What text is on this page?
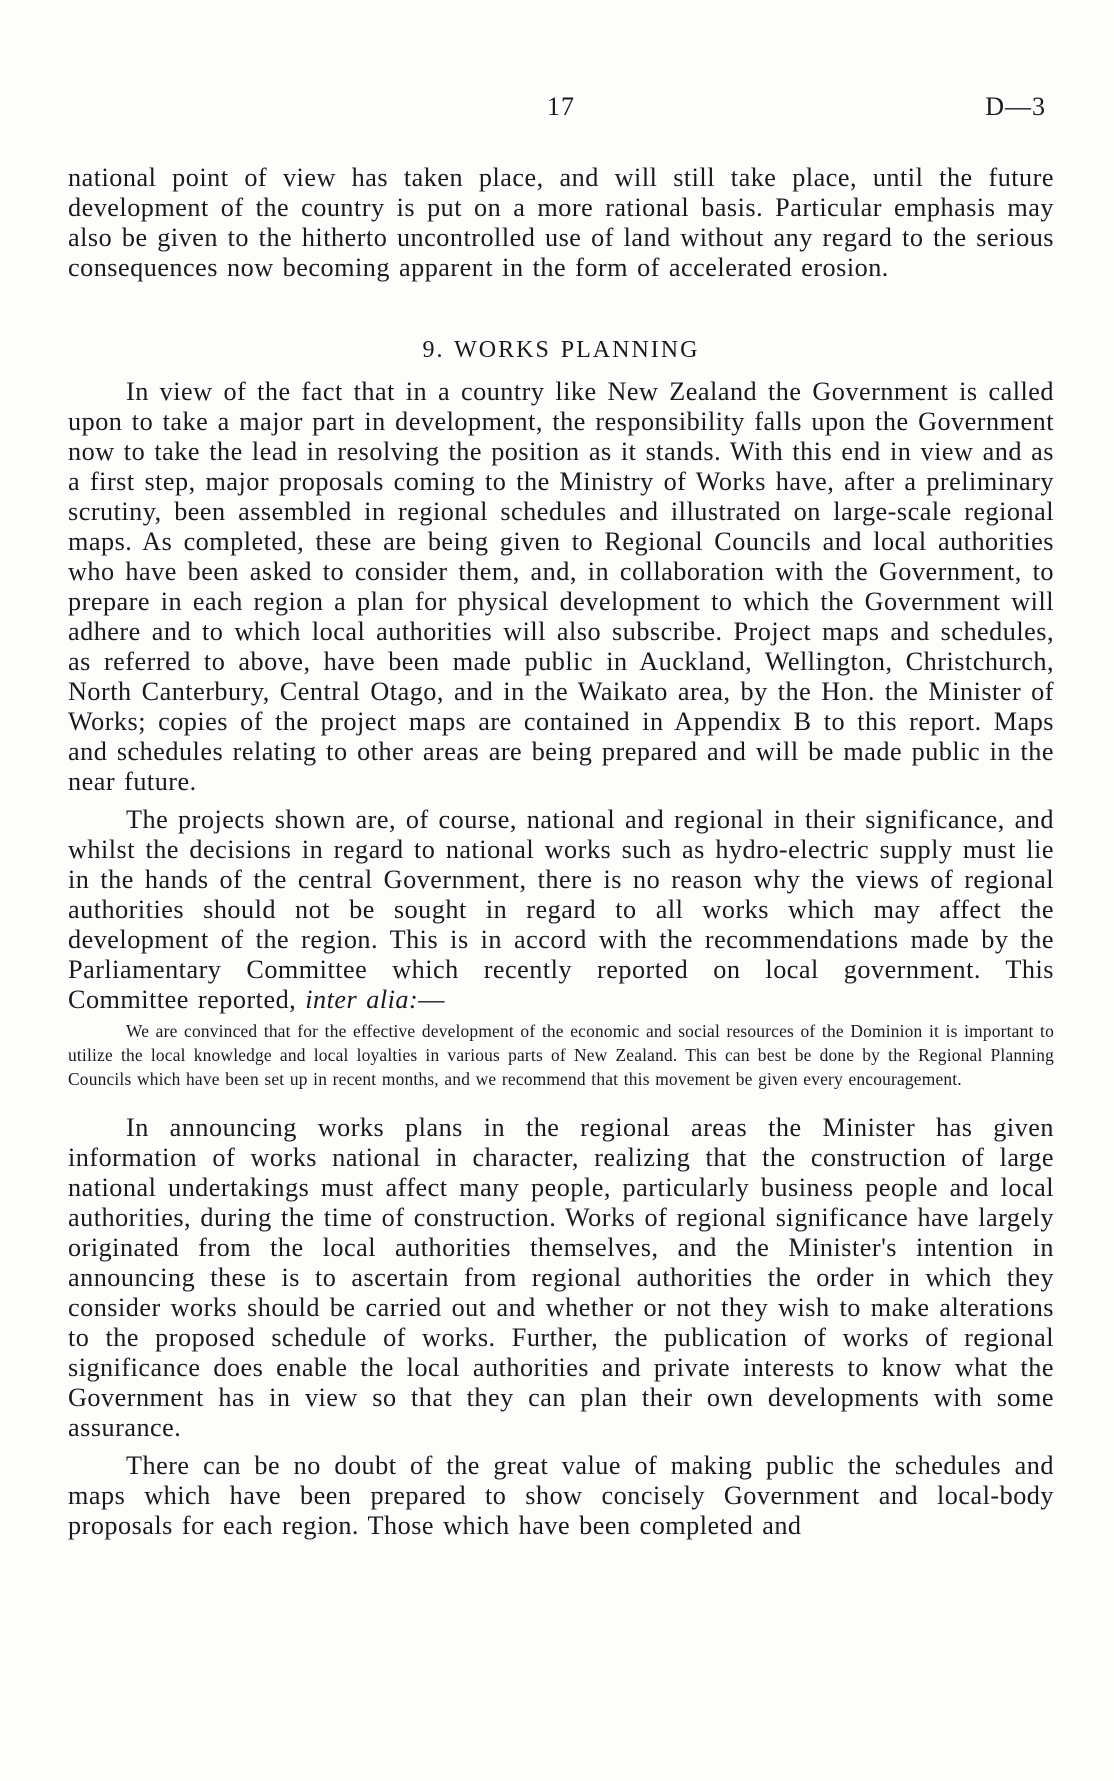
17	D—3

national point of view has taken place, and will still take place, until the future development of the country is put on a more rational basis. Particular emphasis may also be given to the hitherto uncontrolled use of land without any regard to the serious consequences now becoming apparent in the form of accelerated erosion.

9. WORKS PLANNING

In view of the fact that in a country like New Zealand the Government is called upon to take a major part in development, the responsibility falls upon the Government now to take the lead in resolving the position as it stands. With this end in view and as a first step, major proposals coming to the Ministry of Works have, after a preliminary scrutiny, been assembled in regional schedules and illustrated on large-scale regional maps. As completed, these are being given to Regional Councils and local authorities who have been asked to consider them, and, in collaboration with the Government, to prepare in each region a plan for physical development to which the Government will adhere and to which local authorities will also subscribe. Project maps and schedules, as referred to above, have been made public in Auckland, Wellington, Christchurch, North Canterbury, Central Otago, and in the Waikato area, by the Hon. the Minister of Works; copies of the project maps are contained in Appendix B to this report. Maps and schedules relating to other areas are being prepared and will be made public in the near future.

The projects shown are, of course, national and regional in their significance, and whilst the decisions in regard to national works such as hydro-electric supply must lie in the hands of the central Government, there is no reason why the views of regional authorities should not be sought in regard to all works which may affect the development of the region. This is in accord with the recommendations made by the Parliamentary Committee which recently reported on local government. This Committee reported, inter alia:—

We are convinced that for the effective development of the economic and social resources of the Dominion it is important to utilize the local knowledge and local loyalties in various parts of New Zealand. This can best be done by the Regional Planning Councils which have been set up in recent months, and we recommend that this movement be given every encouragement.

In announcing works plans in the regional areas the Minister has given information of works national in character, realizing that the construction of large national undertakings must affect many people, particularly business people and local authorities, during the time of construction. Works of regional significance have largely originated from the local authorities themselves, and the Minister's intention in announcing these is to ascertain from regional authorities the order in which they consider works should be carried out and whether or not they wish to make alterations to the proposed schedule of works. Further, the publication of works of regional significance does enable the local authorities and private interests to know what the Government has in view so that they can plan their own developments with some assurance.

There can be no doubt of the great value of making public the schedules and maps which have been prepared to show concisely Government and local-body proposals for each region. Those which have been completed and
